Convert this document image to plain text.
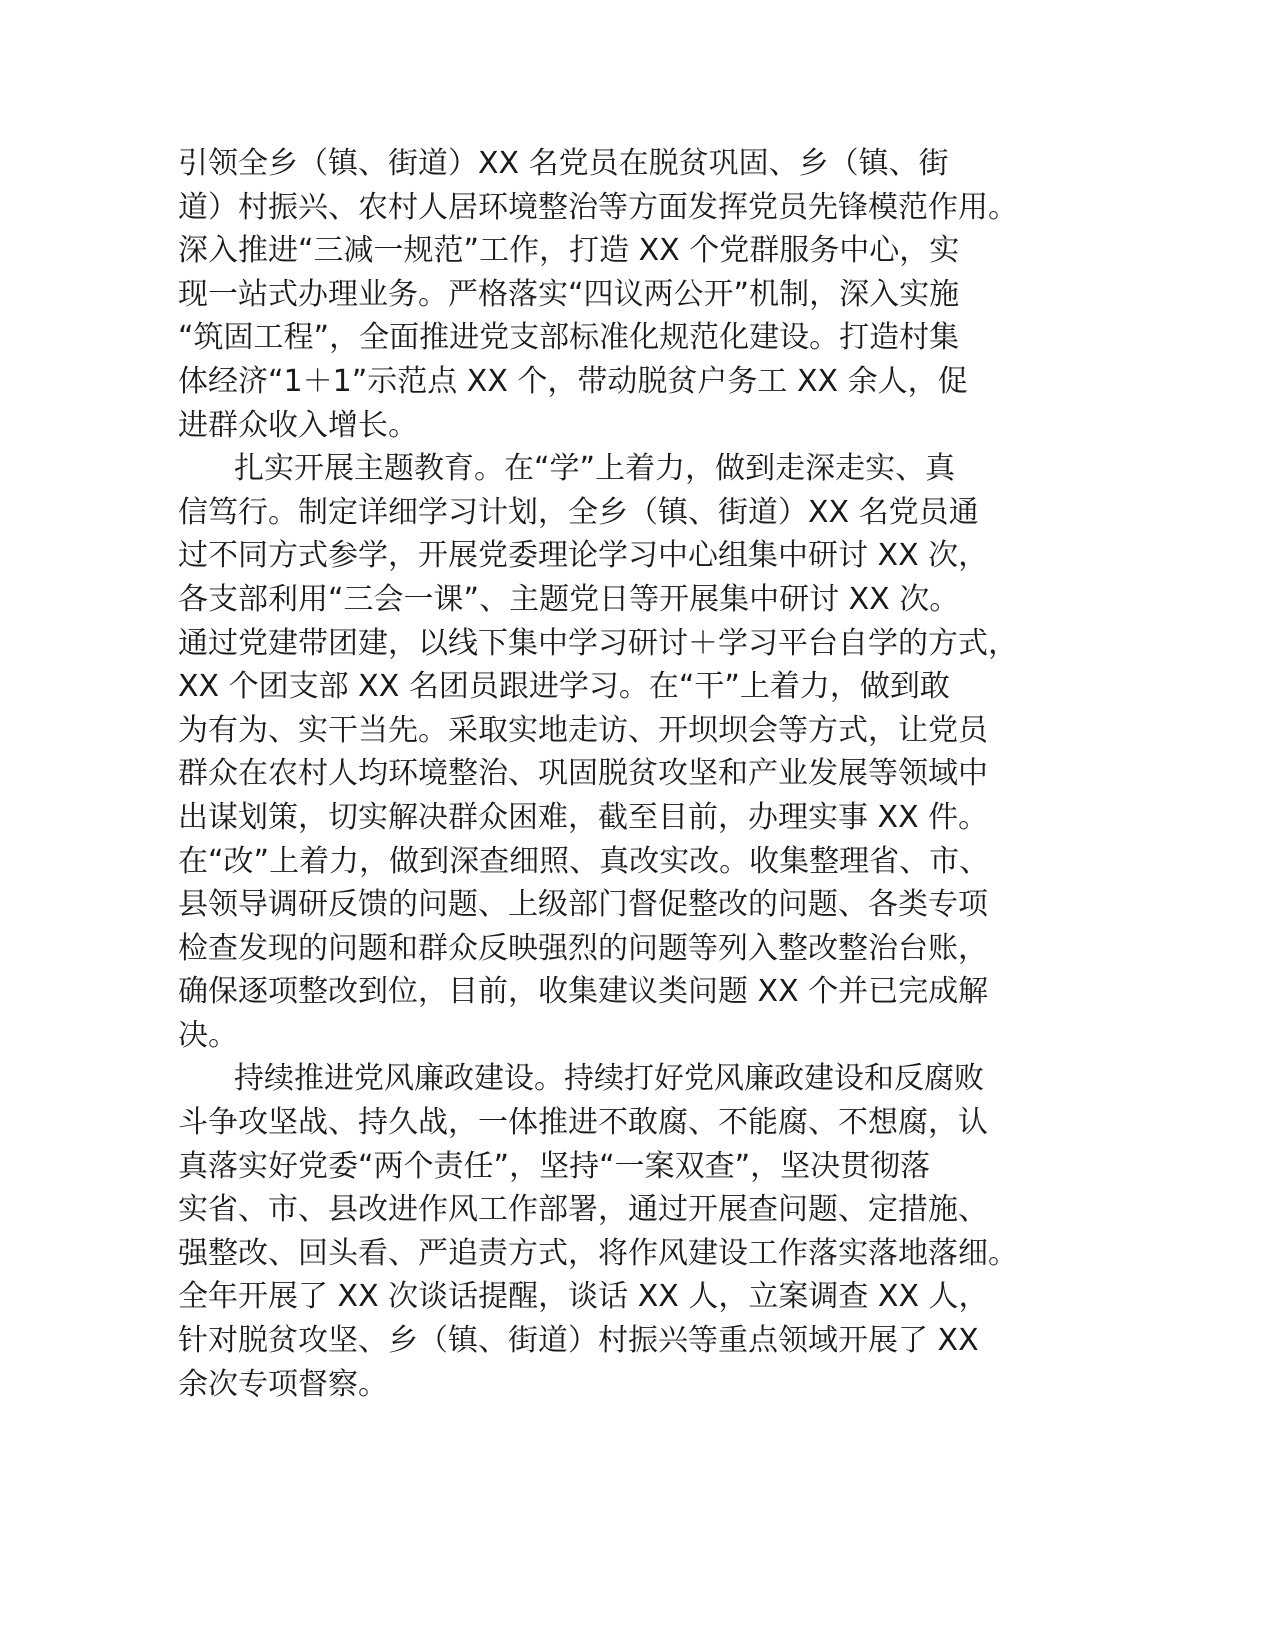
引领全乡（镇、街道）XX 名党员在脱贫巩固、乡（镇、街
道）村振兴、农村人居环境整治等方面发挥党员先锋模范作用。
深入推进“三减一规范”工作，打造 XX 个党群服务中心，实
现一站式办理业务。严格落实“四议两公开”机制，深入实施
“筑固工程”，全面推进党支部标准化规范化建设。打造村集
体经济“1＋1”示范点 XX 个，带动脱贫户务工 XX 余人，促
进群众收入增长。
扎实开展主题教育。在“学”上着力，做到走深走实、真
信笃行。制定详细学习计划，全乡（镇、街道）XX 名党员通
过不同方式参学，开展党委理论学习中心组集中研讨 XX 次，
各支部利用“三会一课”、主题党日等开展集中研讨 XX 次。
通过党建带团建，以线下集中学习研讨＋学习平台自学的方式，
XX 个团支部 XX 名团员跟进学习。在“干”上着力，做到敢
为有为、实干当先。采取实地走访、开坝坝会等方式，让党员
群众在农村人均环境整治、巩固脱贫攻坚和产业发展等领域中
出谋划策，切实解决群众困难，截至目前，办理实事 XX 件。
在“改”上着力，做到深查细照、真改实改。收集整理省、市、
县领导调研反馈的问题、上级部门督促整改的问题、各类专项
检查发现的问题和群众反映强烈的问题等列入整改整治台账，
确保逐项整改到位，目前，收集建议类问题 XX 个并已完成解
决。
持续推进党风廉政建设。持续打好党风廉政建设和反腐败
斗争攻坚战、持久战，一体推进不敢腐、不能腐、不想腐，认
真落实好党委“两个责任”，坚持“一案双查”，坚决贯彻落
实省、市、县改进作风工作部署，通过开展查问题、定措施、
强整改、回头看、严追责方式，将作风建设工作落实落地落细。
全年开展了 XX 次谈话提醒，谈话 XX 人，立案调查 XX 人，
针对脱贫攻坚、乡（镇、街道）村振兴等重点领域开展了 XX
余次专项督察。
